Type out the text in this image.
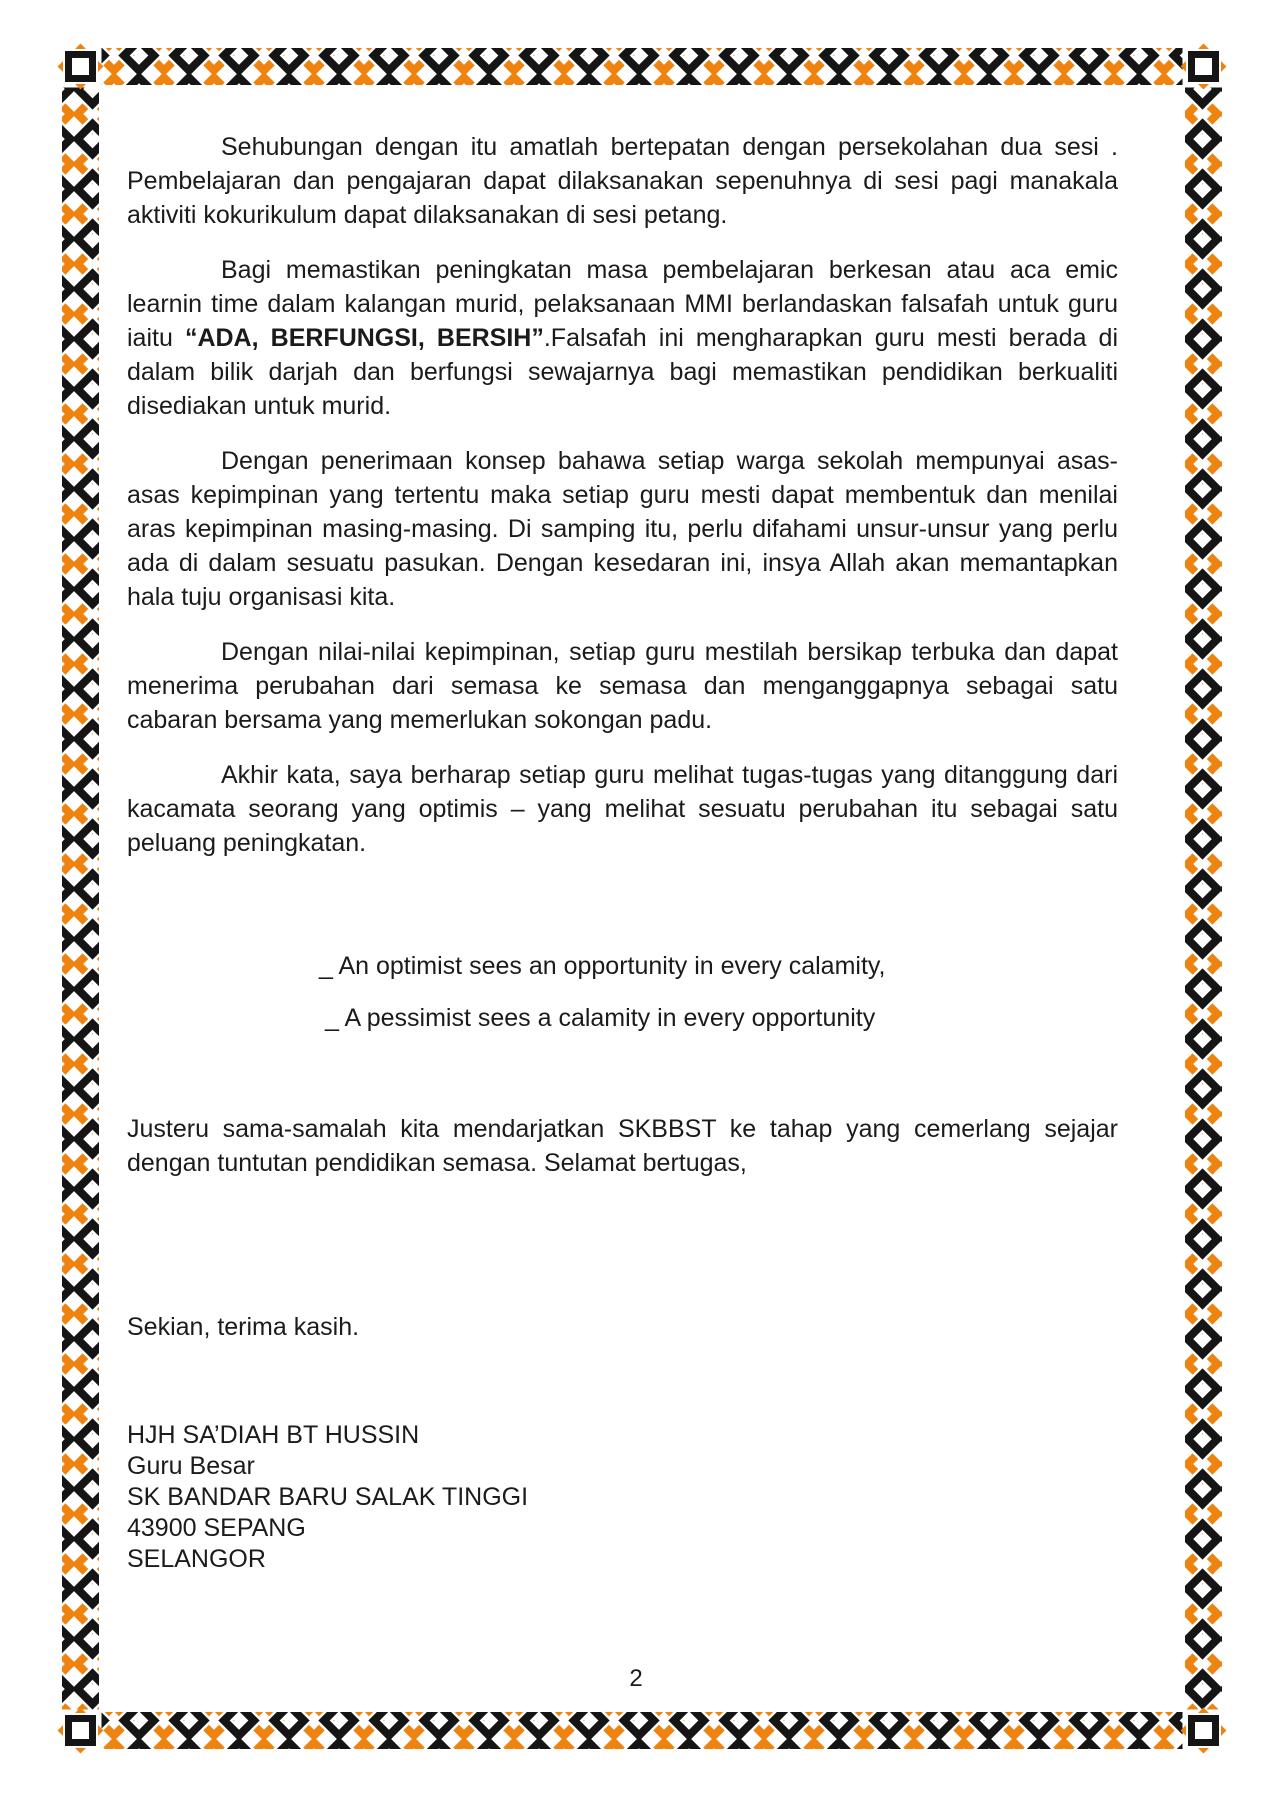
Sehubungan dengan itu amatlah bertepatan dengan persekolahan dua sesi . Pembelajaran dan pengajaran dapat dilaksanakan sepenuhnya di sesi pagi manakala aktiviti kokurikulum dapat dilaksanakan di sesi petang.

Bagi memastikan peningkatan masa pembelajaran berkesan atau aca emic learnin time dalam kalangan murid, pelaksanaan MMI berlandaskan falsafah untuk guru iaitu “ADA, BERFUNGSI, BERSIH”.Falsafah ini mengharapkan guru mesti berada di dalam bilik darjah dan berfungsi sewajarnya bagi memastikan pendidikan berkualiti disediakan untuk murid.

Dengan penerimaan konsep bahawa setiap warga sekolah mempunyai asas-asas kepimpinan yang tertentu maka setiap guru mesti dapat membentuk dan menilai aras kepimpinan masing-masing. Di samping itu, perlu difahami unsur-unsur yang perlu ada di dalam sesuatu pasukan. Dengan kesedaran ini, insya Allah akan memantapkan hala tuju organisasi kita.

Dengan nilai-nilai kepimpinan, setiap guru mestilah bersikap terbuka dan dapat menerima perubahan dari semasa ke semasa dan menganggapnya sebagai satu cabaran bersama yang memerlukan sokongan padu.

Akhir kata, saya berharap setiap guru melihat tugas-tugas yang ditanggung dari kacamata seorang yang optimis – yang melihat sesuatu perubahan itu sebagai satu peluang peningkatan.

_ An optimist sees an opportunity in every calamity,

_ A pessimist sees a calamity in every opportunity

Justeru sama-samalah kita mendarjatkan SKBBST ke tahap yang cemerlang sejajar dengan tuntutan pendidikan semasa. Selamat bertugas,

Sekian, terima kasih.

HJH SA’DIAH BT HUSSIN
Guru Besar
SK BANDAR BARU SALAK TINGGI
43900 SEPANG
SELANGOR
2
